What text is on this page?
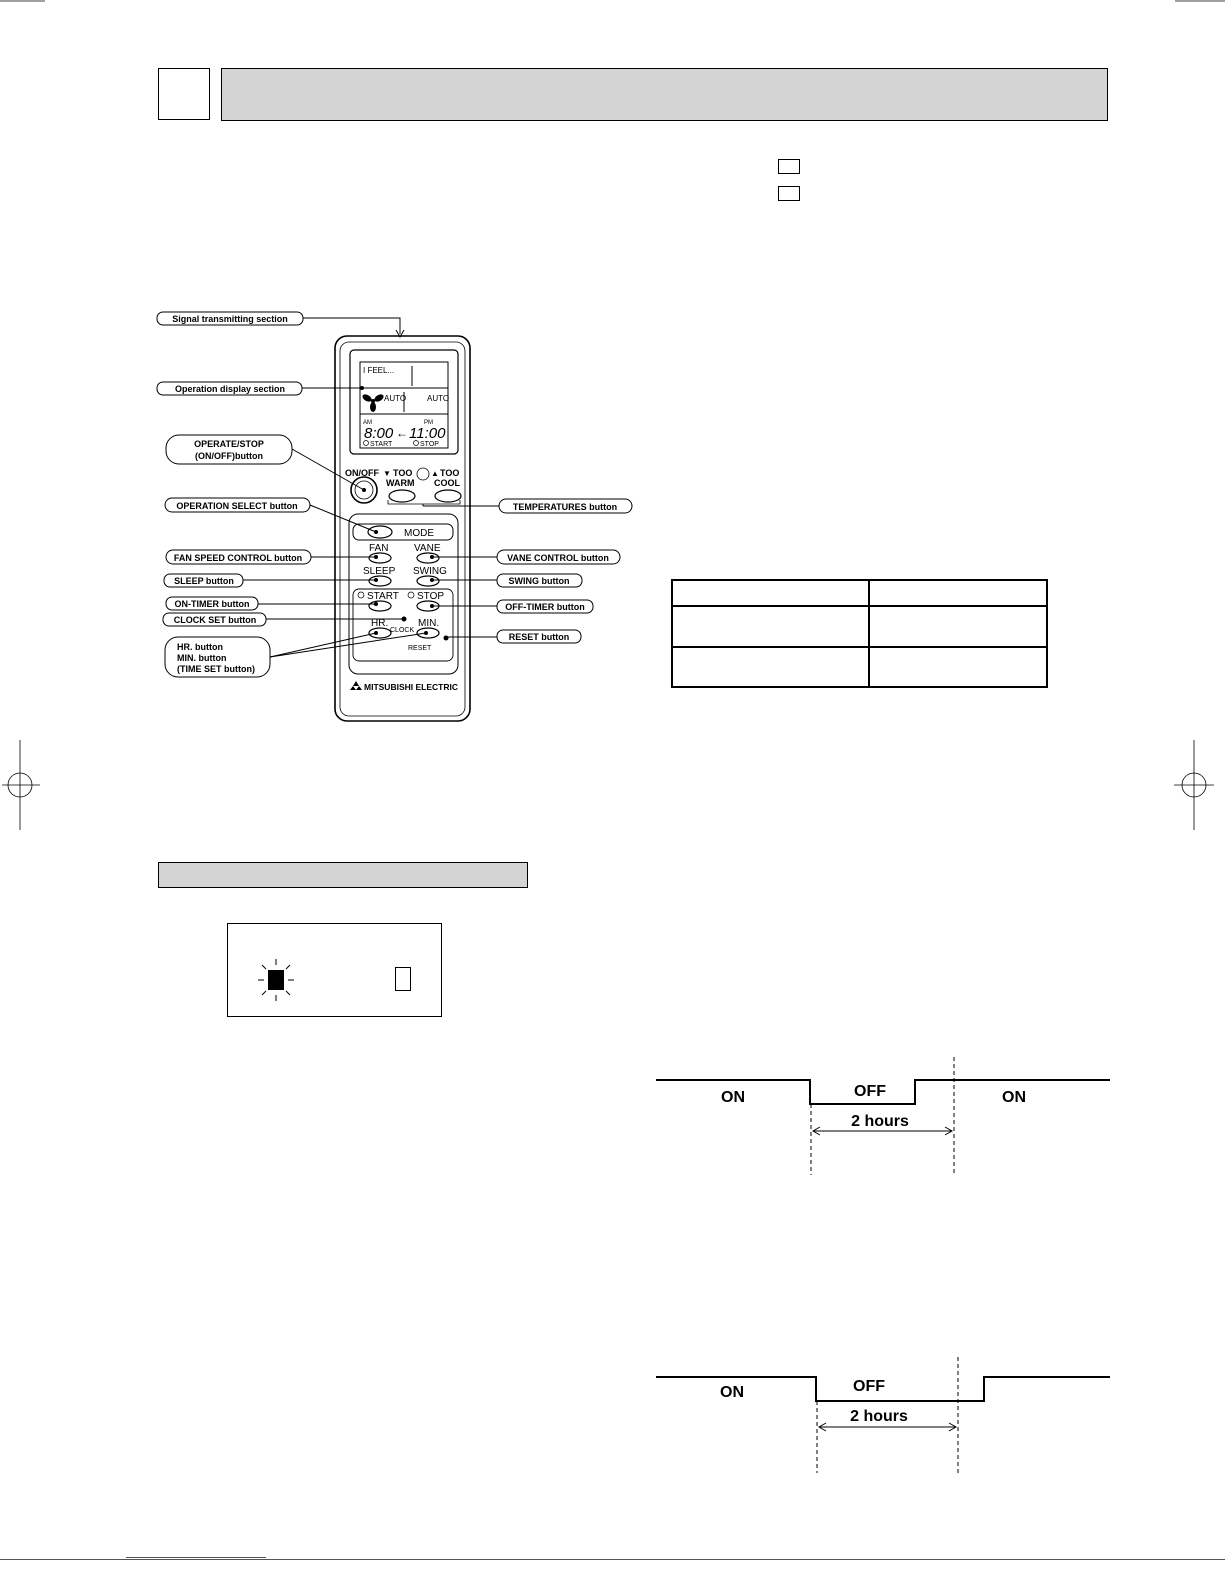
I FEEL...
AUTO	AUTO
AM	PM
8:00 ← 11:00
START	STOP
ON/OFF TOO
WARM
▼	TOO
COOL
▲
MODE
FAN	VANE
SLEEP SWING
START STOP
HR.	MIN.
CLOCK
RESET
MITSUBISHI ELECTRIC
Signal transmitting section
Operation display section
OPERATE/STOP
(ON/OFF)button
OPERATION SELECT button
FAN SPEED CONTROL button
SLEEP button
ON-TIMER button
CLOCK SET button
HR. button
MIN. button
(TIME SET button)
TEMPERATURES button
VANE CONTROL button
SWING button
OFF-TIMER button
RESET button
ON	OFF	ON
2 hours
ON	OFF
2 hours
